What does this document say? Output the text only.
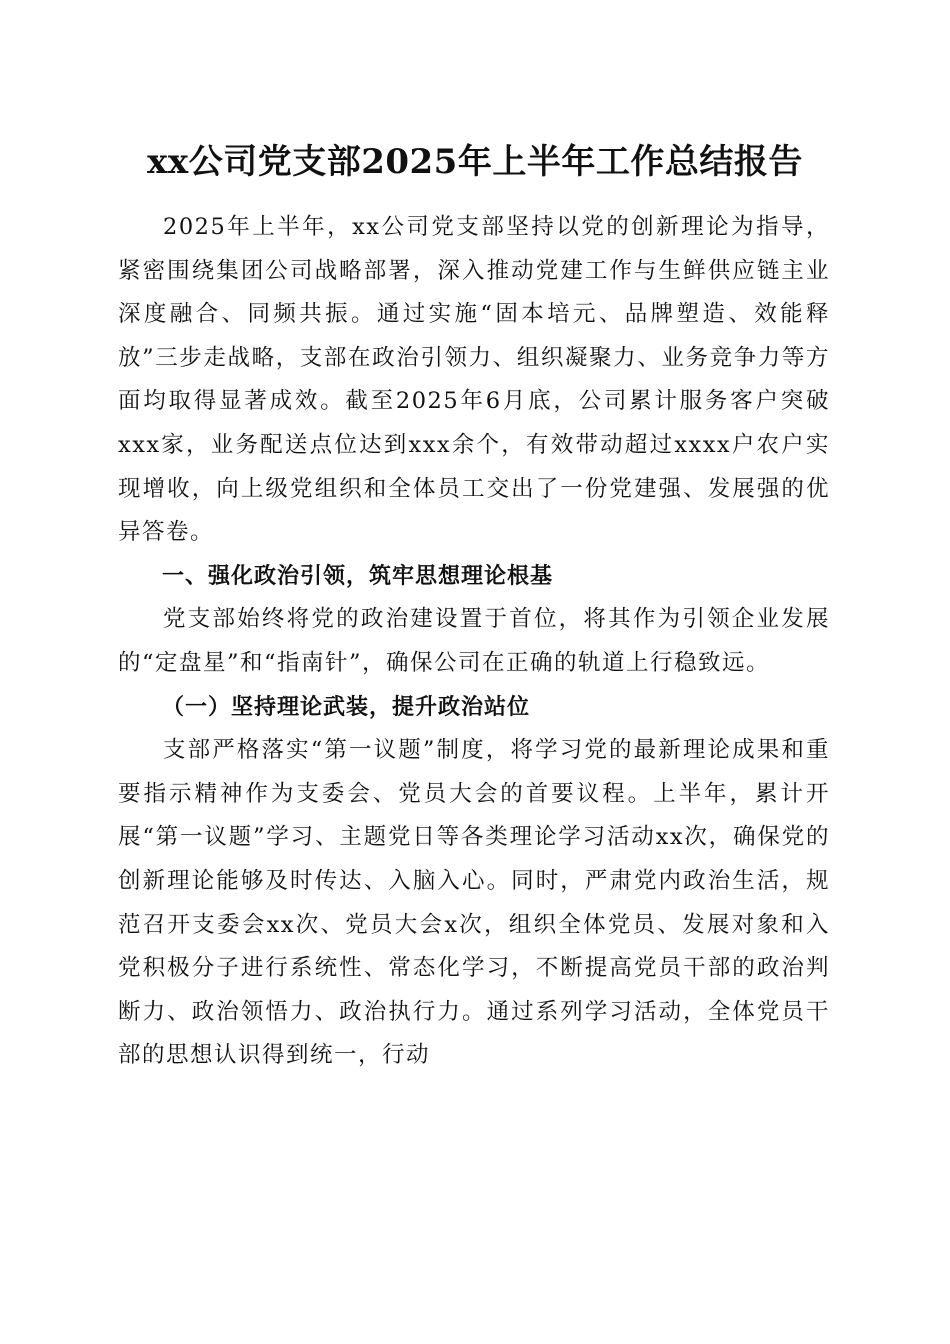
xx公司党支部2025年上半年工作总结报告

2025年上半年，xx公司党支部坚持以党的创新理论为指导，紧密围绕集团公司战略部署，深入推动党建工作与生鲜供应链主业深度融合、同频共振。通过实施“固本培元、品牌塑造、效能释放”三步走战略，支部在政治引领力、组织凝聚力、业务竞争力等方面均取得显著成效。截至2025年6月底，公司累计服务客户突破xxx家，业务配送点位达到xxx余个，有效带动超过xxxx户农户实现增收，向上级党组织和全体员工交出了一份党建强、发展强的优异答卷。

一、强化政治引领，筑牢思想理论根基

党支部始终将党的政治建设置于首位，将其作为引领企业发展的“定盘星”和“指南针”，确保公司在正确的轨道上行稳致远。

（一）坚持理论武装，提升政治站位

支部严格落实“第一议题”制度，将学习党的最新理论成果和重要指示精神作为支委会、党员大会的首要议程。上半年，累计开展“第一议题”学习、主题党日等各类理论学习活动xx次，确保党的创新理论能够及时传达、入脑入心。同时，严肃党内政治生活，规范召开支委会xx次、党员大会x次，组织全体党员、发展对象和入党积极分子进行系统性、常态化学习，不断提高党员干部的政治判断力、政治领悟力、政治执行力。通过系列学习活动，全体党员干部的思想认识得到统一，行动
